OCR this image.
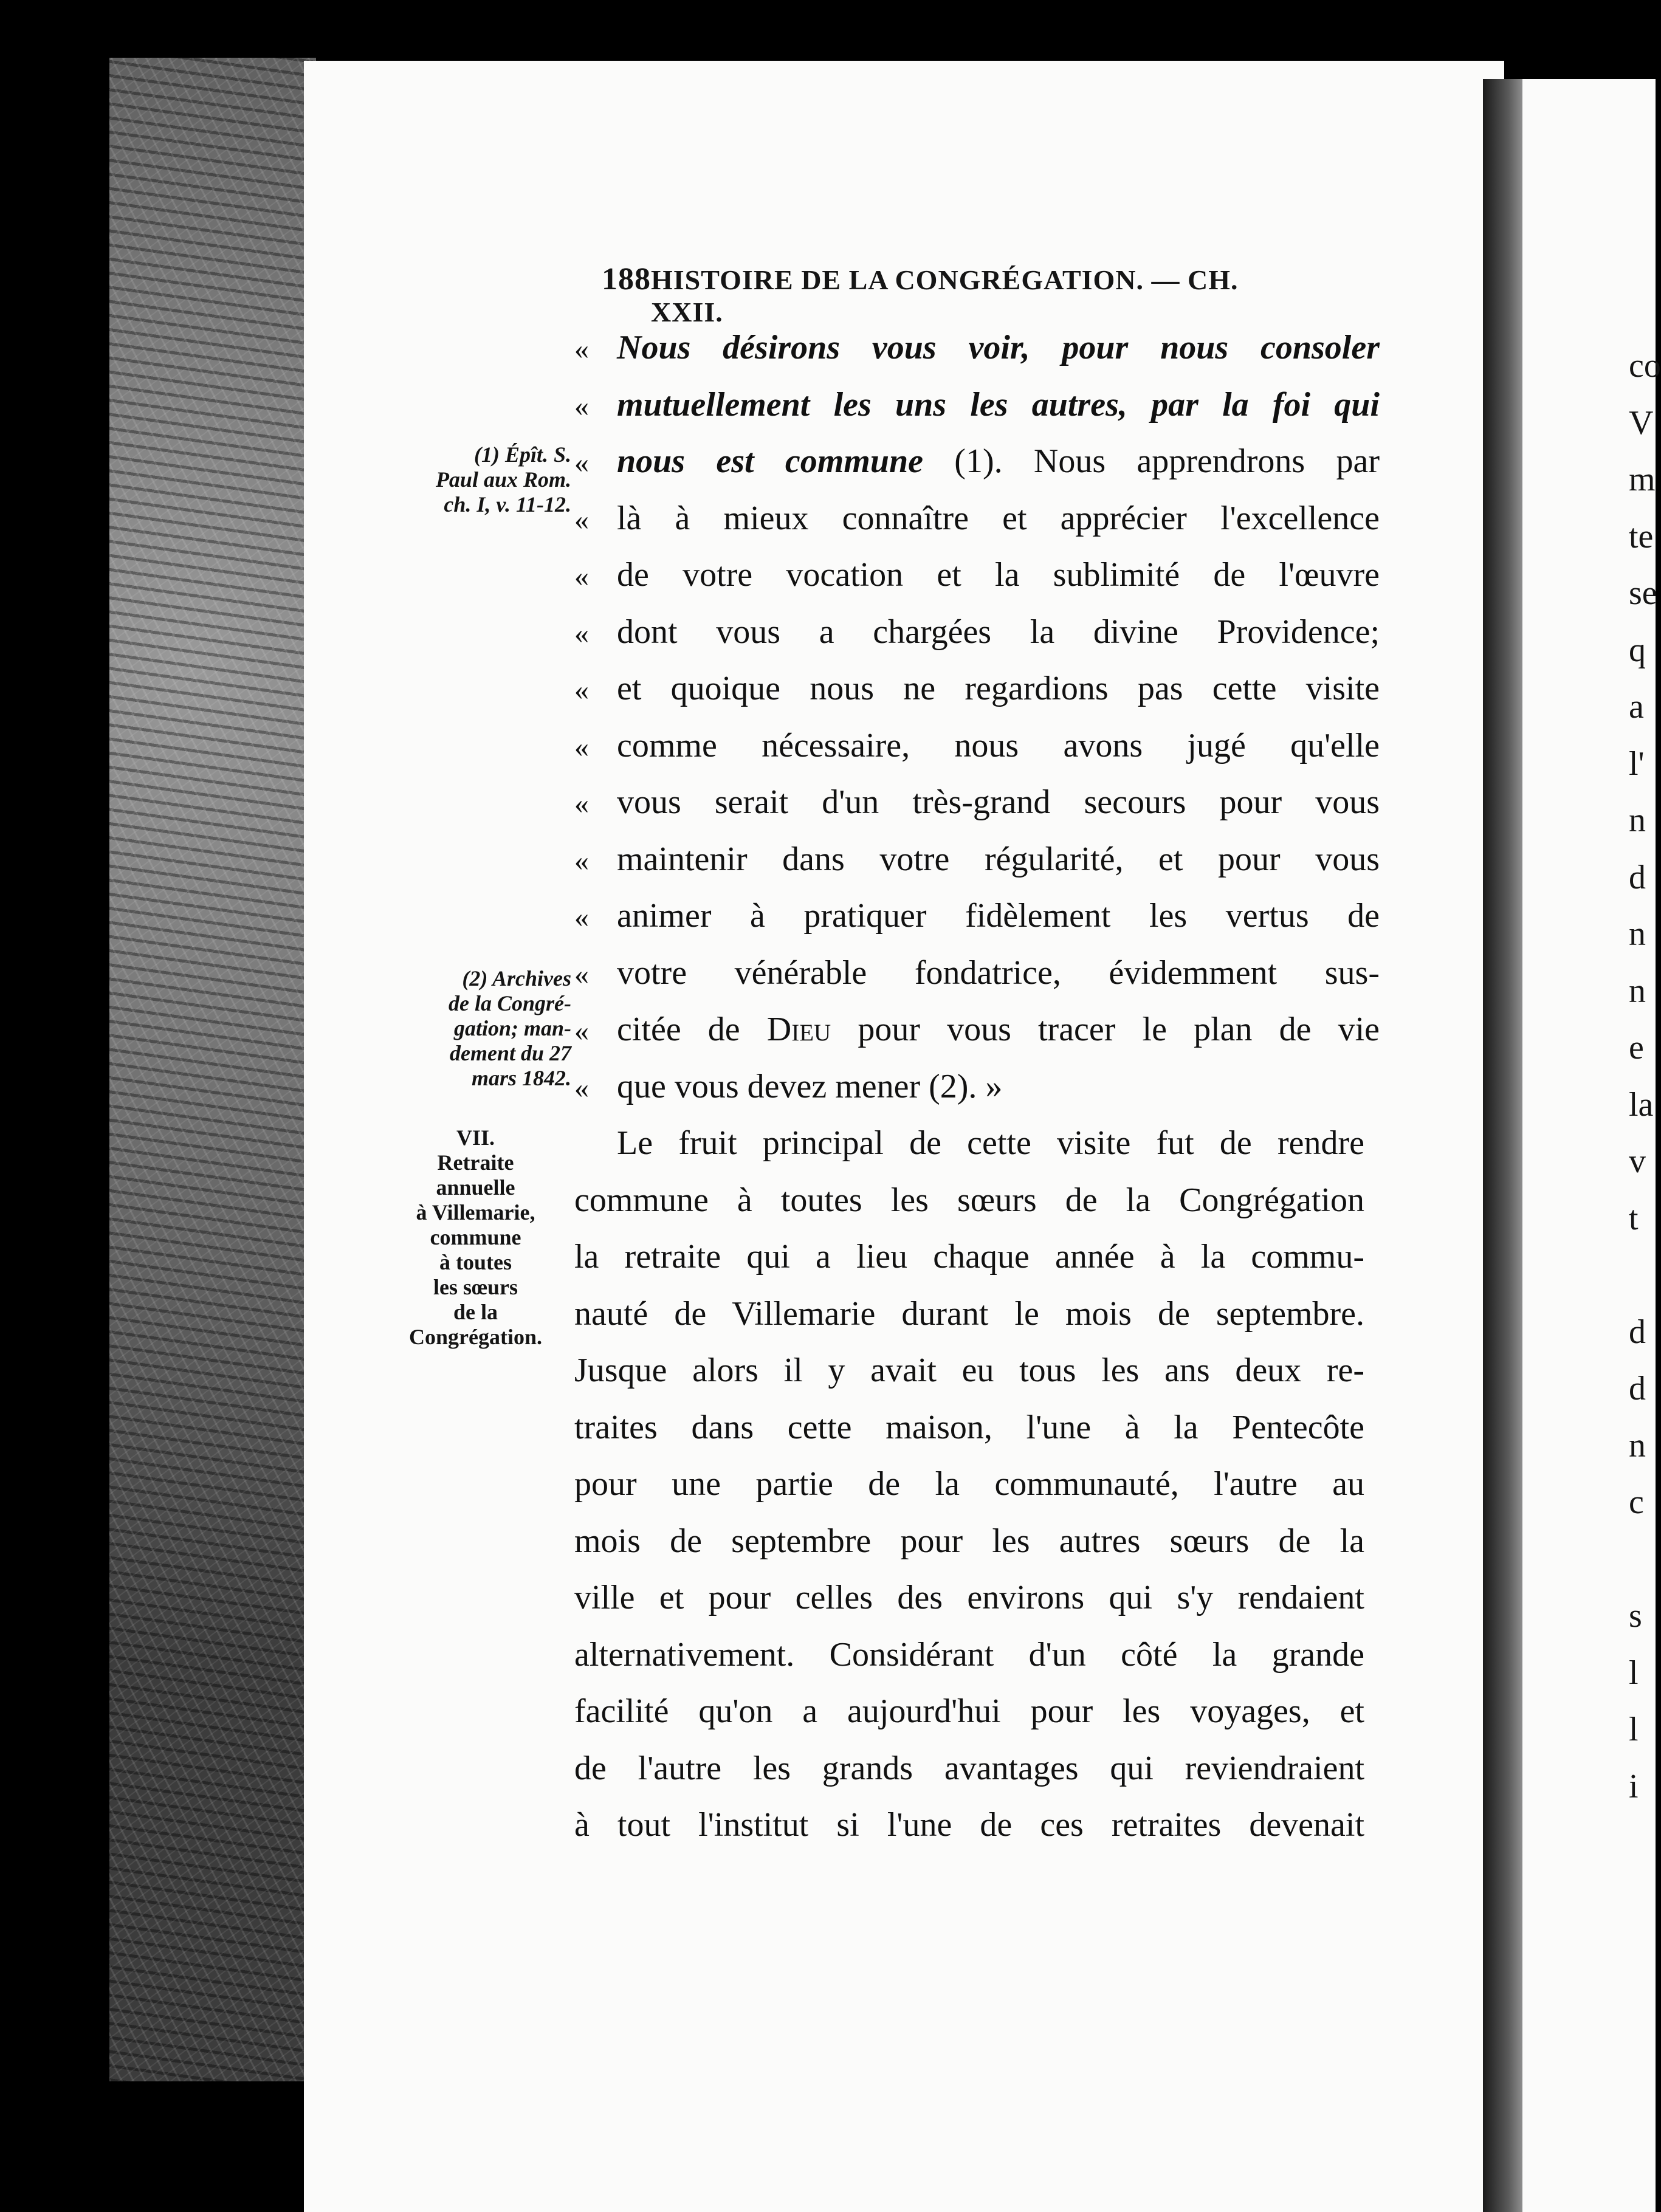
co
V
m
te
se
q
a
l'
n
d
n
n
e
la
v
t
d
d
n
c
s
l
l
i
188 HISTOIRE DE LA CONGRÉGATION. — CH. XXII.
« Nous désirons vous voir, pour nous consoler
« mutuellement les uns les autres, par la foi qui
« nous est commune (1). Nous apprendrons par
« là à mieux connaître et apprécier l'excellence
« de votre vocation et la sublimité de l'œuvre
« dont vous a chargées la divine Providence;
« et quoique nous ne regardions pas cette visite
« comme nécessaire, nous avons jugé qu'elle
« vous serait d'un très-grand secours pour vous
« maintenir dans votre régularité, et pour vous
« animer à pratiquer fidèlement les vertus de
« votre vénérable fondatrice, évidemment sus-
« citée de Dieu pour vous tracer le plan de vie
« que vous devez mener (2). »
Le fruit principal de cette visite fut de rendre
commune à toutes les sœurs de la Congrégation
la retraite qui a lieu chaque année à la commu-
nauté de Villemarie durant le mois de septembre.
Jusque alors il y avait eu tous les ans deux re-
traites dans cette maison, l'une à la Pentecôte
pour une partie de la communauté, l'autre au
mois de septembre pour les autres sœurs de la
ville et pour celles des environs qui s'y rendaient
alternativement. Considérant d'un côté la grande
facilité qu'on a aujourd'hui pour les voyages, et
de l'autre les grands avantages qui reviendraient
à tout l'institut si l'une de ces retraites devenait
(1) Épît. S.
Paul aux Rom.
ch. I, v. 11-12.
(2) Archives
de la Congré-
gation; man-
dement du 27
mars 1842.
VII.
Retraite
annuelle
à Villemarie,
commune
à toutes
les sœurs
de la
Congrégation.
